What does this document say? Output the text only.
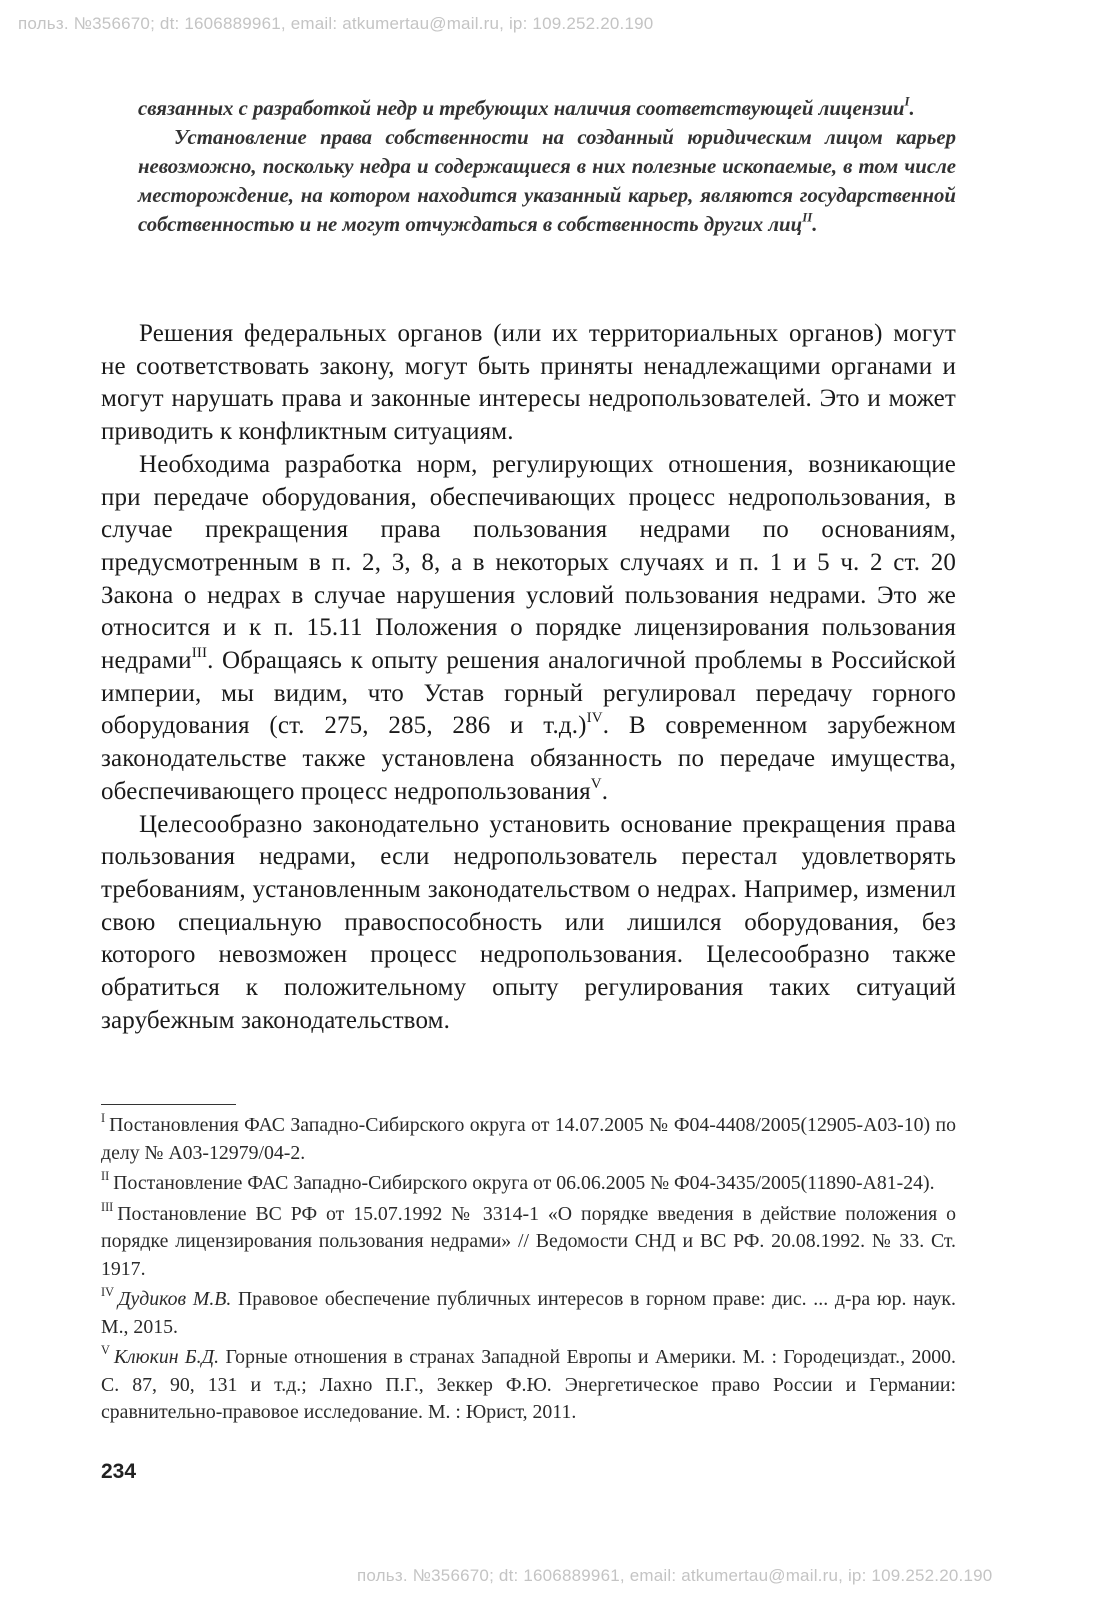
польз. №356670; dt: 1606889961, email: atkumertau@mail.ru, ip: 109.252.20.190

связанных с разработкой недр и требующих наличия соответствующей лицензии$^I$.

Установление права собственности на созданный юридическим лицом карьер невозможно, поскольку недра и содержащиеся в них полезные ископаемые, в том числе месторождение, на котором находится указанный карьер, являются государственной собственностью и не могут отчуждаться в собственность других лиц$^{II}$.

Решения федеральных органов (или их территориальных органов) могут не соответствовать закону, могут быть приняты ненадлежащими органами и могут нарушать права и законные интересы недропользователей. Это и может приводить к конфликтным ситуациям.

Необходима разработка норм, регулирующих отношения, возникающие при передаче оборудования, обеспечивающих процесс недропользования, в случае прекращения права пользования недрами по основаниям, предусмотренным в п. 2, 3, 8, а в некоторых случаях и п. 1 и 5 ч. 2 ст. 20 Закона о недрах в случае нарушения условий пользования недрами. Это же относится и к п. 15.11 Положения о порядке лицензирования пользования недрами$^{III}$. Обращаясь к опыту решения аналогичной проблемы в Российской империи, мы видим, что Устав горный регулировал передачу горного оборудования (ст. 275, 285, 286 и т.д.)$^{IV}$. В современном зарубежном законодательстве также установлена обязанность по передаче имущества, обеспечивающего процесс недропользования$^V$.

Целесообразно законодательно установить основание прекращения права пользования недрами, если недропользователь перестал удовлетворять требованиям, установленным законодательством о недрах. Например, изменил свою специальную правоспособность или лишился оборудования, без которого невозможен процесс недропользования. Целесообразно также обратиться к положительному опыту регулирования таких ситуаций зарубежным законодательством.

$^I$ Постановления ФАС Западно-Сибирского округа от 14.07.2005 № Ф04-4408/2005(12905-А03-10) по делу № А03-12979/04-2.

$^{II}$ Постановление ФАС Западно-Сибирского округа от 06.06.2005 № Ф04-3435/2005(11890-А81-24).

$^{III}$ Постановление ВС РФ от 15.07.1992 № 3314-1 «О порядке введения в действие положения о порядке лицензирования пользования недрами» // Ведомости СНД и ВС РФ. 20.08.1992. № 33. Ст. 1917.

$^{IV}$ Дудиков М.В. Правовое обеспечение публичных интересов в горном праве: дис. ... д-ра юр. наук. М., 2015.

$^V$ Клюкин Б.Д. Горные отношения в странах Западной Европы и Америки. М. : Городециздат., 2000. С. 87, 90, 131 и т.д.; Лахно П.Г., Зеккер Ф.Ю. Энергетическое право России и Германии: сравнительно-правовое исследование. М. : Юрист, 2011.

234
польз. №356670; dt: 1606889961, email: atkumertau@mail.ru, ip: 109.252.20.190
